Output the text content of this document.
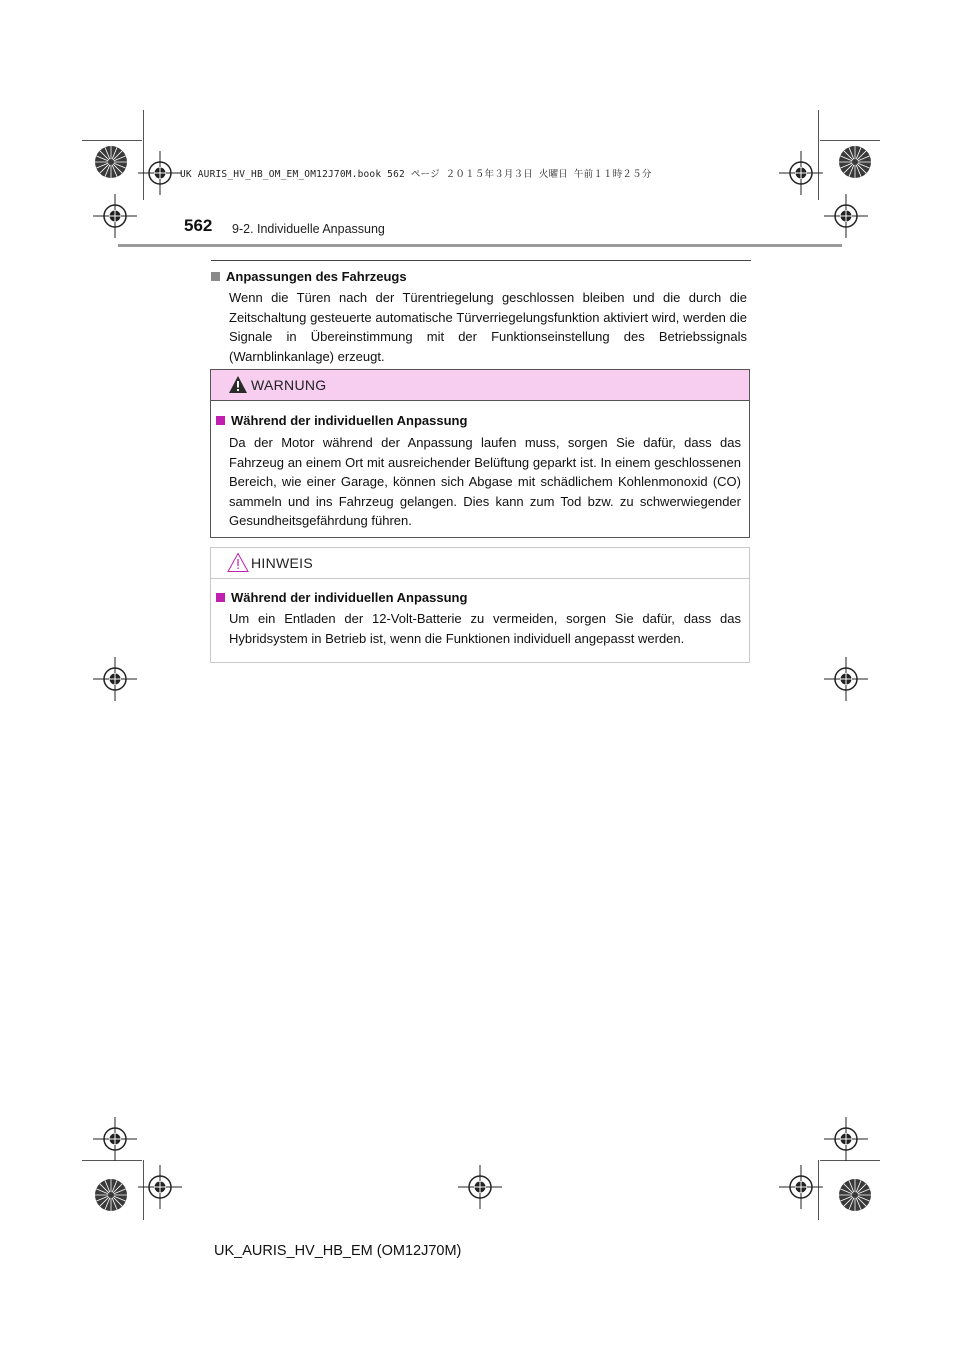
UK AURIS_HV_HB_OM_EM_OM12J70M.book 562 ページ ２０１５年３月３日 火曜日 午前１１時２５分
562 9-2. Individuelle Anpassung
Anpassungen des Fahrzeugs
Wenn die Türen nach der Türentriegelung geschlossen bleiben und die durch die Zeitschaltung gesteuerte automatische Türverriegelungsfunktion aktiviert wird, werden die Signale in Übereinstimmung mit der Funktionseinstellung des Betriebssignals (Warnblinkanlage) erzeugt.
WARNUNG
Während der individuellen Anpassung
Da der Motor während der Anpassung laufen muss, sorgen Sie dafür, dass das Fahrzeug an einem Ort mit ausreichender Belüftung geparkt ist. In einem geschlossenen Bereich, wie einer Garage, können sich Abgase mit schädlichem Kohlenmonoxid (CO) sammeln und ins Fahrzeug gelangen. Dies kann zum Tod bzw. zu schwerwiegender Gesundheitsgefährdung führen.
HINWEIS
Während der individuellen Anpassung
Um ein Entladen der 12-Volt-Batterie zu vermeiden, sorgen Sie dafür, dass das Hybridsystem in Betrieb ist, wenn die Funktionen individuell angepasst werden.
UK_AURIS_HV_HB_EM (OM12J70M)
